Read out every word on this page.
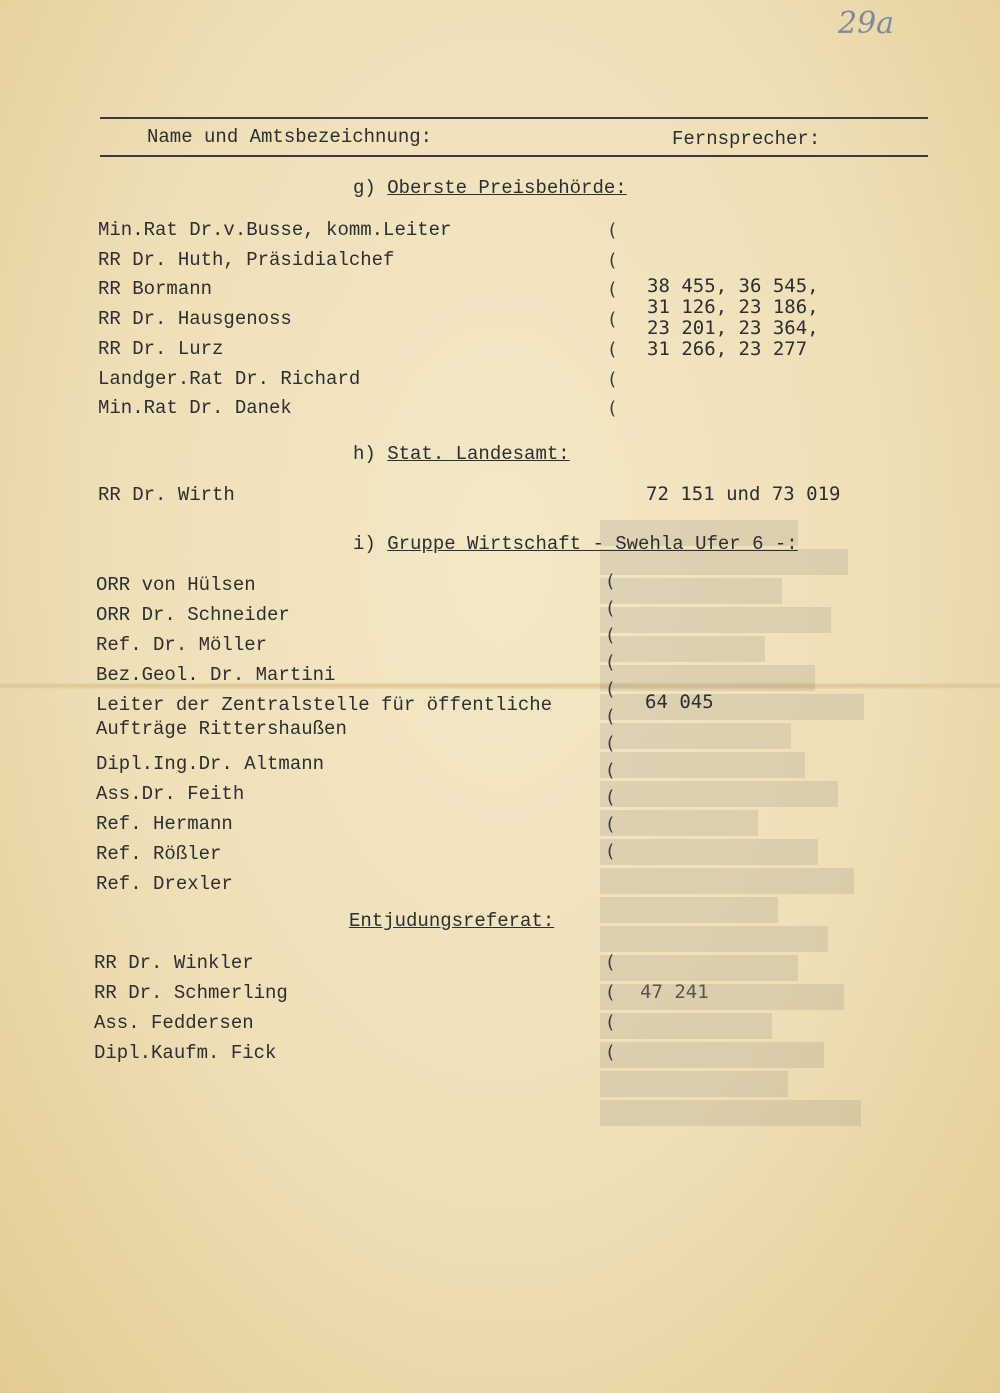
29a
Name und Amtsbezeichnung:	Fernsprecher:
g) Oberste Preisbehörde:
Min.Rat Dr.v.Busse, komm.Leiter
RR Dr. Huth, Präsidialchef
RR Bormann
RR Dr. Hausgenoss
RR Dr. Lurz
Landger.Rat Dr. Richard
Min.Rat Dr. Danek
(
(
(
(
(
(
(
38 455, 36 545,
31 126, 23 186,
23 201, 23 364,
31 266, 23 277
h) Stat. Landesamt:
RR Dr. Wirth	72 151 und 73 019
i) Gruppe Wirtschaft - Swehla Ufer 6 -:
ORR von Hülsen
ORR Dr. Schneider
Ref. Dr. Möller
Bez.Geol. Dr. Martini
Leiter der Zentralstelle für öffentliche
Aufträge Rittershaußen
Dipl.Ing.Dr. Altmann
Ass.Dr. Feith
Ref. Hermann
Ref. Rößler
Ref. Drexler
(
(
(
(
(
(
(
(
(
(
(
64 045
Entjudungsreferat:
RR Dr. Winkler
RR Dr. Schmerling
Ass. Feddersen
Dipl.Kaufm. Fick
(
(
(
(
47 241
